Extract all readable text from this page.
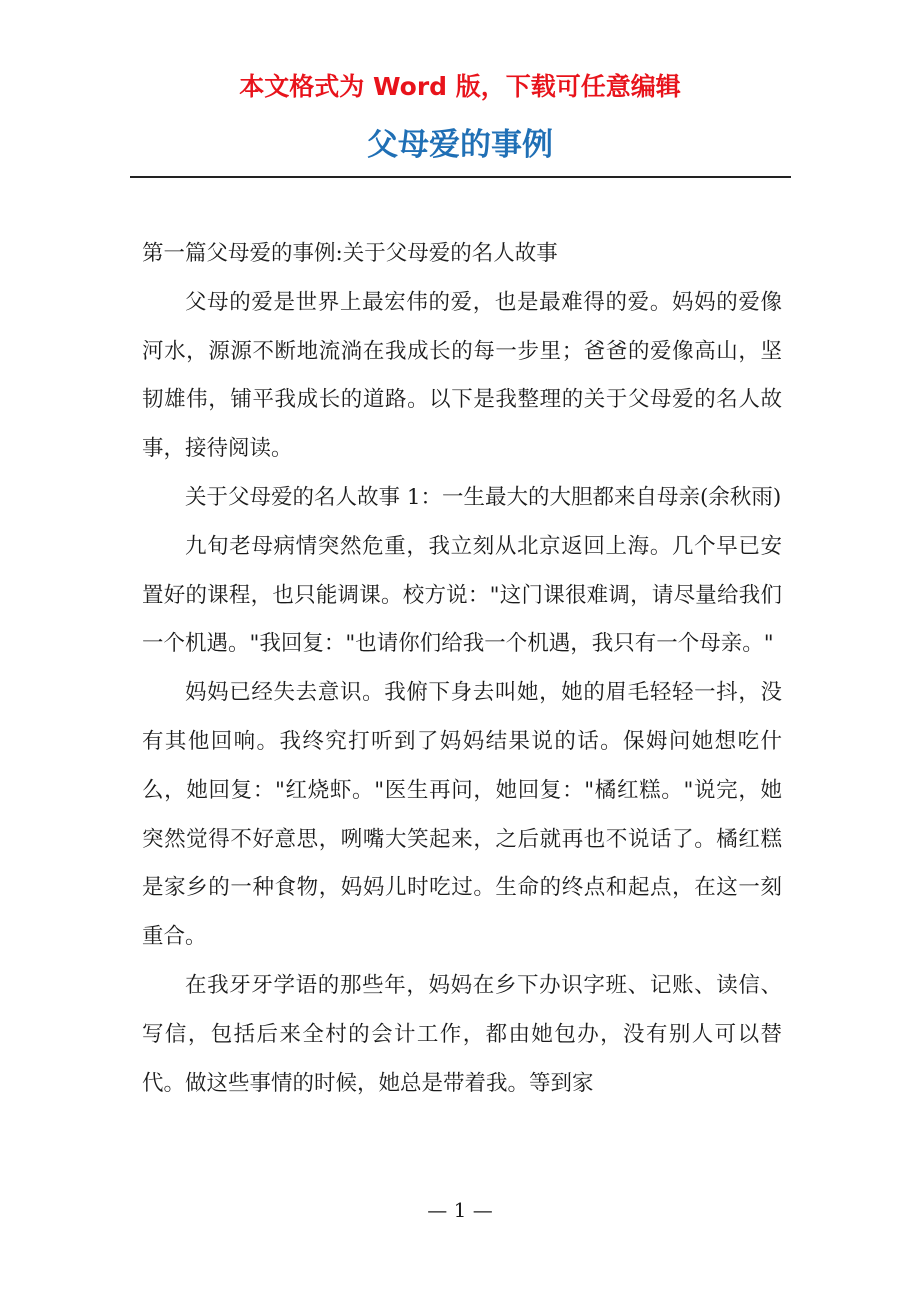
本文格式为 Word 版，下载可任意编辑
父母爱的事例

第一篇父母爱的事例:关于父母爱的名人故事

父母的爱是世界上最宏伟的爱，也是最难得的爱。妈妈的爱像河水，源源不断地流淌在我成长的每一步里；爸爸的爱像高山，坚韧雄伟，铺平我成长的道路。以下是我整理的关于父母爱的名人故事，接待阅读。

关于父母爱的名人故事 1：一生最大的大胆都来自母亲(余秋雨)

九旬老母病情突然危重，我立刻从北京返回上海。几个早已安置好的课程，也只能调课。校方说："这门课很难调，请尽量给我们一个机遇。"我回复："也请你们给我一个机遇，我只有一个母亲。"

妈妈已经失去意识。我俯下身去叫她，她的眉毛轻轻一抖，没有其他回响。我终究打听到了妈妈结果说的话。保姆问她想吃什么，她回复："红烧虾。"医生再问，她回复："橘红糕。"说完，她突然觉得不好意思，咧嘴大笑起来，之后就再也不说话了。橘红糕是家乡的一种食物，妈妈儿时吃过。生命的终点和起点，在这一刻重合。

在我牙牙学语的那些年，妈妈在乡下办识字班、记账、读信、写信，包括后来全村的会计工作，都由她包办，没有别人可以替代。做这些事情的时候，她总是带着我。等到家

— 1 —
